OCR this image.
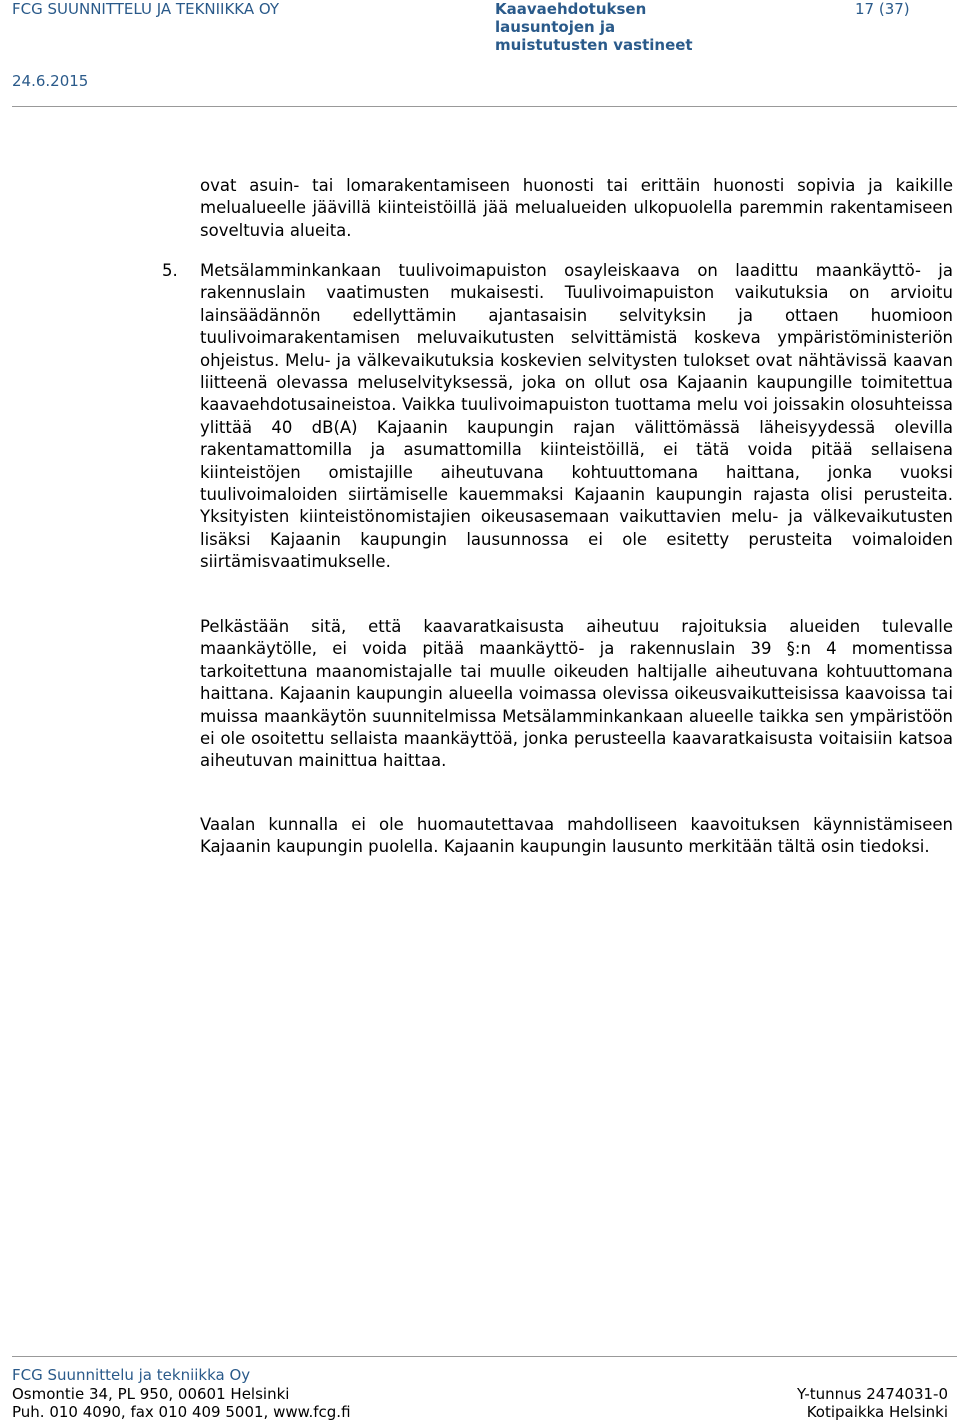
FCG SUUNNITTELU JA TEKNIIKKA OY	Kaavaehdotuksen
lausuntojen ja
muistutusten vastineet
17 (37)
24.6.2015

ovat asuin- tai lomarakentamiseen huonosti tai erittäin huonosti sopivia ja kaikille melualueelle jäävillä kiinteistöillä jää melualueiden ulkopuolella paremmin rakentamiseen soveltuvia alueita.

5. Metsälamminkankaan tuulivoimapuiston osayleiskaava on laadittu maankäyttö- ja rakennuslain vaatimusten mukaisesti. Tuulivoimapuiston vaikutuksia on arvioitu lainsäädännön edellyttämin ajantasaisin selvityksin ja ottaen huomioon tuulivoimarakentamisen meluvaikutusten selvittämistä koskeva ympäristöministeriön ohjeistus. Melu- ja välkevaikutuksia koskevien selvitysten tulokset ovat nähtävissä kaavan liitteenä olevassa meluselvityksessä, joka on ollut osa Kajaanin kaupungille toimitettua kaavaehdotusaineistoa. Vaikka tuulivoimapuiston tuottama melu voi joissakin olosuhteissa ylittää 40 dB(A) Kajaanin kaupungin rajan välittömässä läheisyydessä olevilla rakentamattomilla ja asumattomilla kiinteistöillä, ei tätä voida pitää sellaisena kiinteistöjen omistajille aiheutuvana kohtuuttomana haittana, jonka vuoksi tuulivoimaloiden siirtämiselle kauemmaksi Kajaanin kaupungin rajasta olisi perusteita. Yksityisten kiinteistönomistajien oikeusasemaan vaikuttavien melu- ja välkevaikutusten lisäksi Kajaanin kaupungin lausunnossa ei ole esitetty perusteita voimaloiden siirtämisvaatimukselle.

Pelkästään sitä, että kaavaratkaisusta aiheutuu rajoituksia alueiden tulevalle maankäytölle, ei voida pitää maankäyttö- ja rakennuslain 39 §:n 4 momentissa tarkoitettuna maanomistajalle tai muulle oikeuden haltijalle aiheutuvana kohtuuttomana haittana. Kajaanin kaupungin alueella voimassa olevissa oikeusvaikutteisissa kaavoissa tai muissa maankäytön suunnitelmissa Metsälamminkankaan alueelle taikka sen ympäristöön ei ole osoitettu sellaista maankäyttöä, jonka perusteella kaavaratkaisusta voitaisiin katsoa aiheutuvan mainittua haittaa.

Vaalan kunnalla ei ole huomautettavaa mahdolliseen kaavoituksen käynnistämiseen Kajaanin kaupungin puolella. Kajaanin kaupungin lausunto merkitään tältä osin tiedoksi.

FCG Suunnittelu ja tekniikka Oy
Osmontie 34, PL 950, 00601 Helsinki
Puh. 010 4090, fax 010 409 5001, www.fcg.fi
Y-tunnus 2474031-0
Kotipaikka Helsinki
